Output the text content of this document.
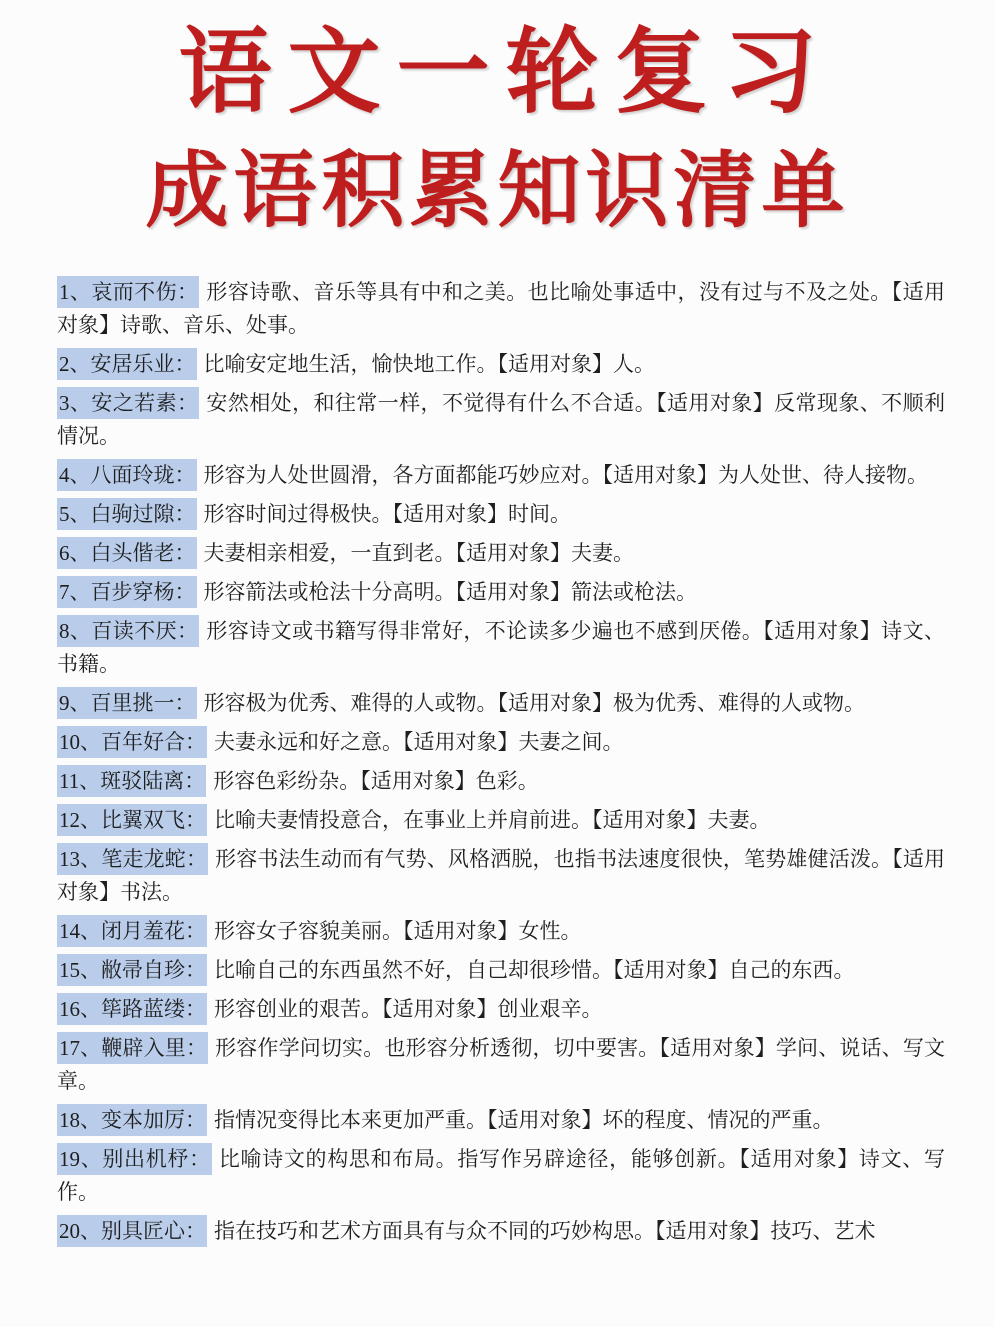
语文一轮复习
成语积累知识清单

1、哀而不伤： 形容诗歌、音乐等具有中和之美。也比喻处事适中，没有过与不及之处。【适用对象】诗歌、音乐、处事。

2、安居乐业： 比喻安定地生活，愉快地工作。【适用对象】人。

3、安之若素： 安然相处，和往常一样，不觉得有什么不合适。【适用对象】反常现象、不顺利情况。

4、八面玲珑： 形容为人处世圆滑，各方面都能巧妙应对。【适用对象】为人处世、待人接物。

5、白驹过隙： 形容时间过得极快。【适用对象】时间。

6、白头偕老： 夫妻相亲相爱，一直到老。【适用对象】夫妻。

7、百步穿杨： 形容箭法或枪法十分高明。【适用对象】箭法或枪法。

8、百读不厌： 形容诗文或书籍写得非常好，不论读多少遍也不感到厌倦。【适用对象】诗文、书籍。

9、百里挑一： 形容极为优秀、难得的人或物。【适用对象】极为优秀、难得的人或物。

10、百年好合： 夫妻永远和好之意。【适用对象】夫妻之间。

11、斑驳陆离： 形容色彩纷杂。【适用对象】色彩。

12、比翼双飞： 比喻夫妻情投意合，在事业上并肩前进。【适用对象】夫妻。

13、笔走龙蛇： 形容书法生动而有气势、风格洒脱，也指书法速度很快，笔势雄健活泼。【适用对象】书法。

14、闭月羞花： 形容女子容貌美丽。【适用对象】女性。

15、敝帚自珍： 比喻自己的东西虽然不好，自己却很珍惜。【适用对象】自己的东西。

16、筚路蓝缕： 形容创业的艰苦。【适用对象】创业艰辛。

17、鞭辟入里： 形容作学问切实。也形容分析透彻，切中要害。【适用对象】学问、说话、写文章。

18、变本加厉： 指情况变得比本来更加严重。【适用对象】坏的程度、情况的严重。

19、别出机杼： 比喻诗文的构思和布局。指写作另辟途径，能够创新。【适用对象】诗文、写作。

20、别具匠心： 指在技巧和艺术方面具有与众不同的巧妙构思。【适用对象】技巧、艺术
